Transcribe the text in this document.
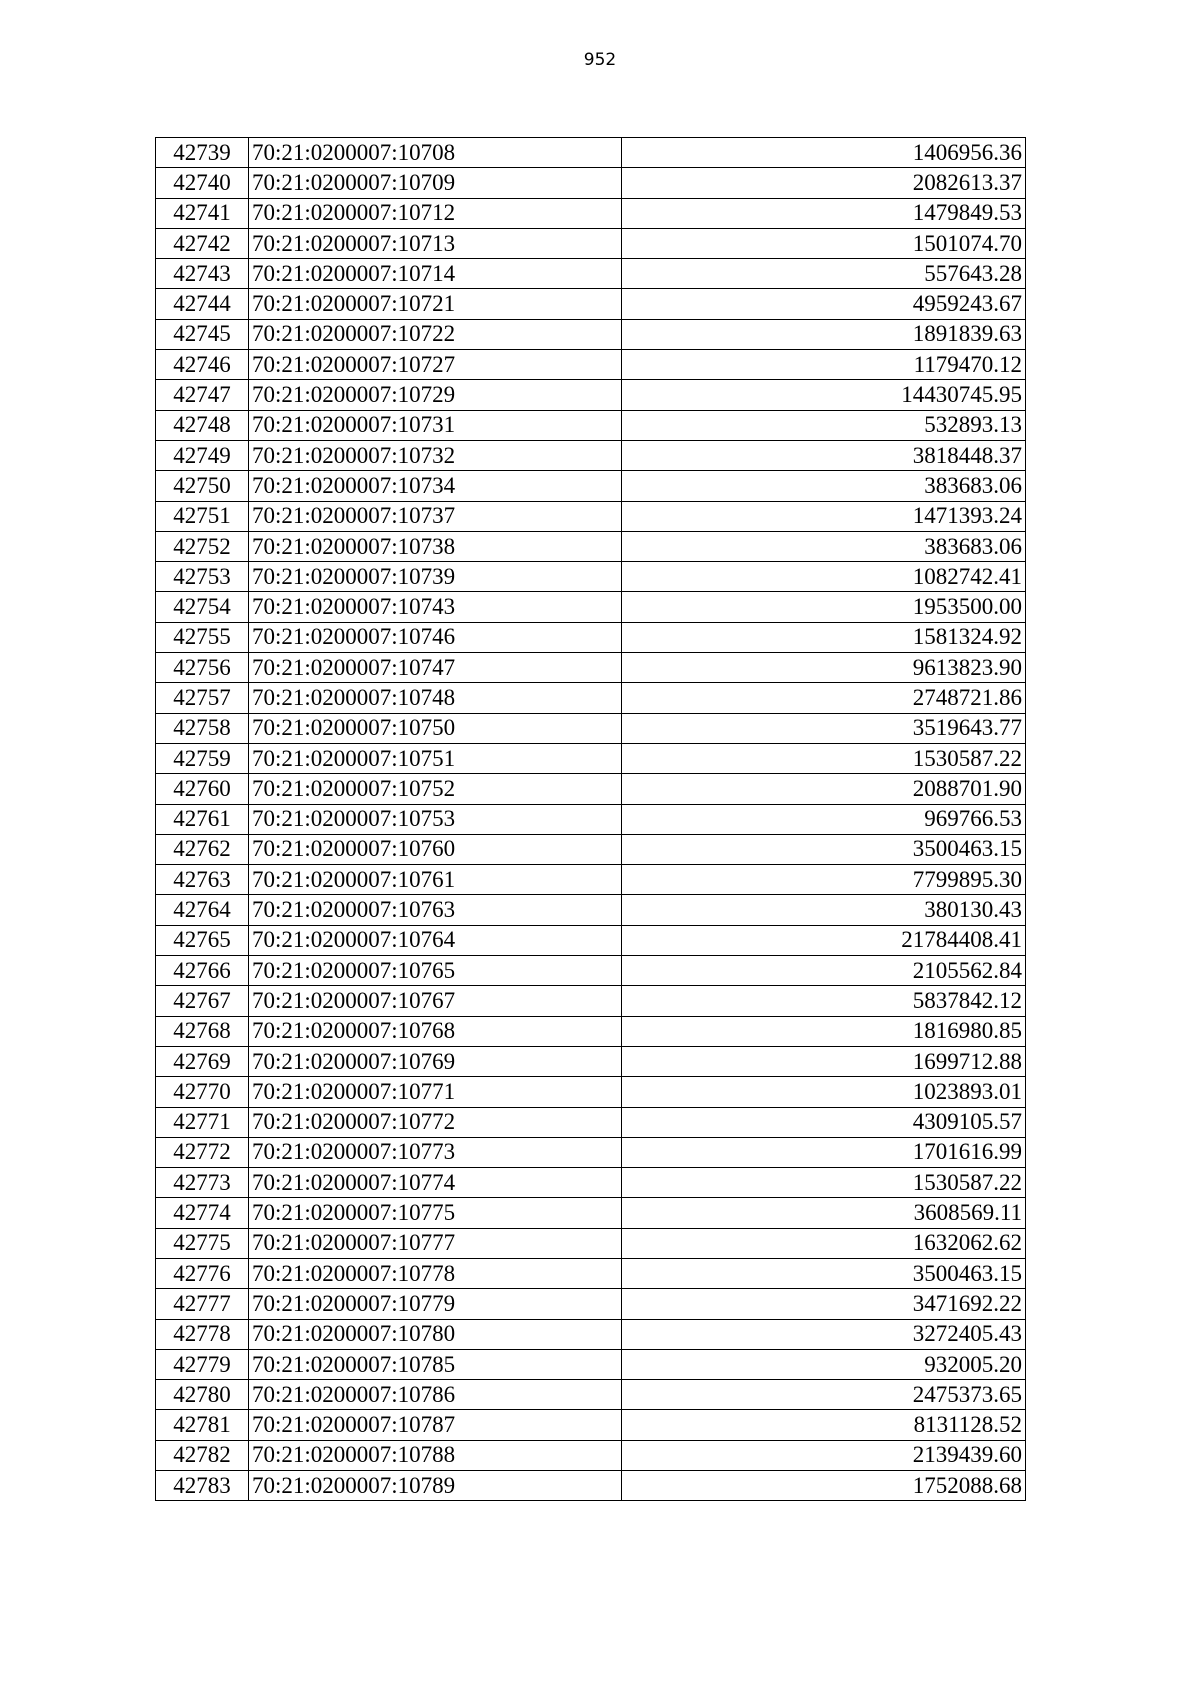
952
42739	70:21:0200007:10708	1406956.36
42740	70:21:0200007:10709	2082613.37
42741	70:21:0200007:10712	1479849.53
42742	70:21:0200007:10713	1501074.70
42743	70:21:0200007:10714	557643.28
42744	70:21:0200007:10721	4959243.67
42745	70:21:0200007:10722	1891839.63
42746	70:21:0200007:10727	1179470.12
42747	70:21:0200007:10729	14430745.95
42748	70:21:0200007:10731	532893.13
42749	70:21:0200007:10732	3818448.37
42750	70:21:0200007:10734	383683.06
42751	70:21:0200007:10737	1471393.24
42752	70:21:0200007:10738	383683.06
42753	70:21:0200007:10739	1082742.41
42754	70:21:0200007:10743	1953500.00
42755	70:21:0200007:10746	1581324.92
42756	70:21:0200007:10747	9613823.90
42757	70:21:0200007:10748	2748721.86
42758	70:21:0200007:10750	3519643.77
42759	70:21:0200007:10751	1530587.22
42760	70:21:0200007:10752	2088701.90
42761	70:21:0200007:10753	969766.53
42762	70:21:0200007:10760	3500463.15
42763	70:21:0200007:10761	7799895.30
42764	70:21:0200007:10763	380130.43
42765	70:21:0200007:10764	21784408.41
42766	70:21:0200007:10765	2105562.84
42767	70:21:0200007:10767	5837842.12
42768	70:21:0200007:10768	1816980.85
42769	70:21:0200007:10769	1699712.88
42770	70:21:0200007:10771	1023893.01
42771	70:21:0200007:10772	4309105.57
42772	70:21:0200007:10773	1701616.99
42773	70:21:0200007:10774	1530587.22
42774	70:21:0200007:10775	3608569.11
42775	70:21:0200007:10777	1632062.62
42776	70:21:0200007:10778	3500463.15
42777	70:21:0200007:10779	3471692.22
42778	70:21:0200007:10780	3272405.43
42779	70:21:0200007:10785	932005.20
42780	70:21:0200007:10786	2475373.65
42781	70:21:0200007:10787	8131128.52
42782	70:21:0200007:10788	2139439.60
42783	70:21:0200007:10789	1752088.68
